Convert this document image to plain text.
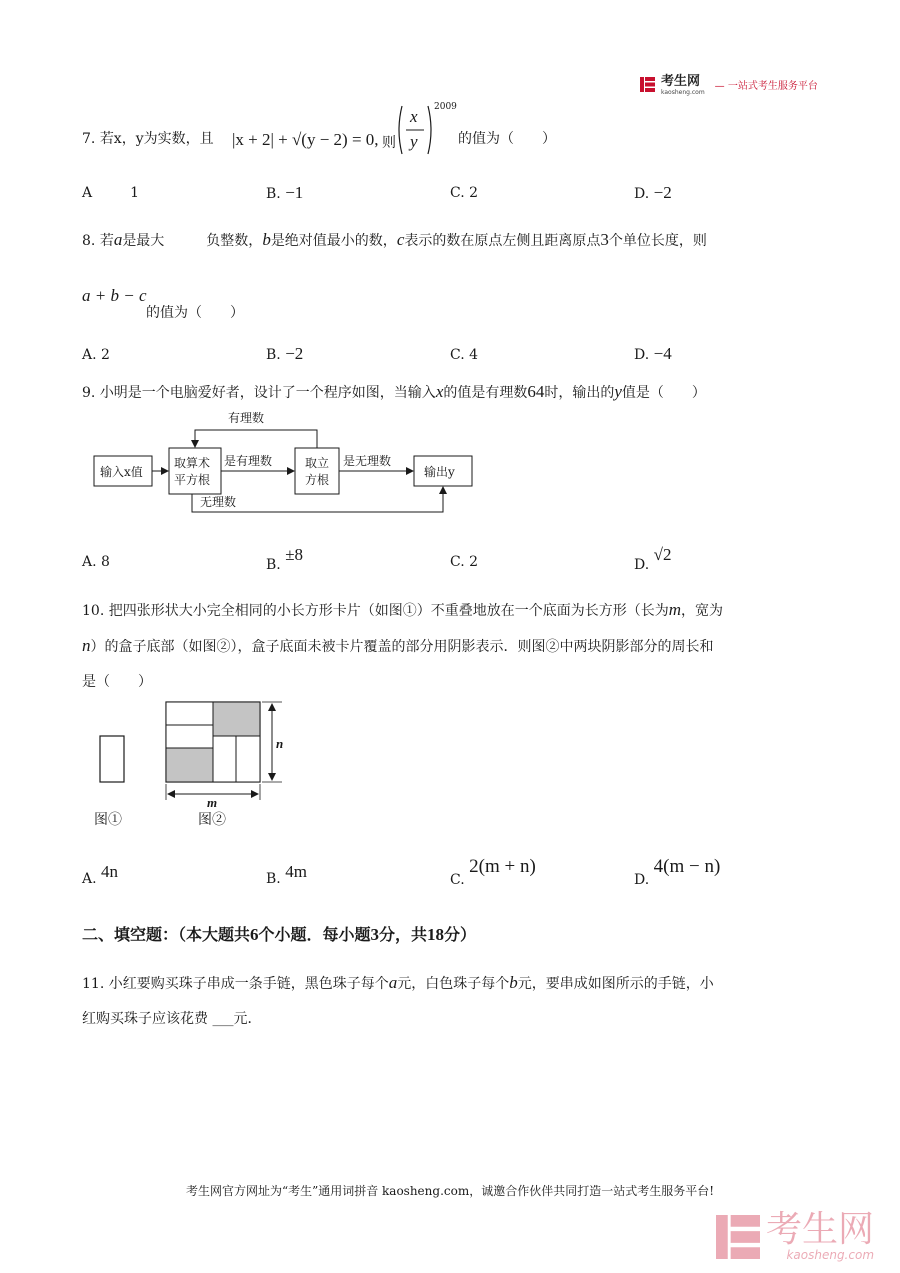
考生网
kaosheng.com
— 一站式考生服务平台
7. 若x，y为实数，且 |x + 2| + √(y − 2) = 0, 则
x
y
2009
的值为（　　）
A	1	B. −1	C. 2	D. −2
8. 若a是最大　　　负整数，b是绝对值最小的数，c表示的数在原点左侧且距离原点3个单位长度，则
a + b − c
的值为（　　）
A. 2	B. −2	C. 4	D. −4
9. 小明是一个电脑爱好者，设计了一个程序如图，当输入x的值是有理数64时，输出的y值是（　　）
输入x值
取算术
平方根
取立
方根
输出y
有理数
是有理数	是无理数
无理数
A. 8	B. ±8	C. 2	D. √2
10. 把四张形状大小完全相同的小长方形卡片（如图①）不重叠地放在一个底面为长方形（长为m，宽为
n）的盒子底部（如图②），盒子底面未被卡片覆盖的部分用阴影表示．则图②中两块阴影部分的周长和
是（　　）
n
m
图①	图②
A. 4n	B. 4m	C. 2(m + n)
D. 4(m − n)
二、填空题：（本大题共6个小题．每小题3分，共18分）
11. 小红要购买珠子串成一条手链，黑色珠子每个a元，白色珠子每个b元，要串成如图所示的手链，小
红购买珠子应该花费 ___元．
考生网官方网址为“考生”通用词拼音 kaosheng.com，诚邀合作伙伴共同打造一站式考生服务平台!
考生网
kaosheng.com
